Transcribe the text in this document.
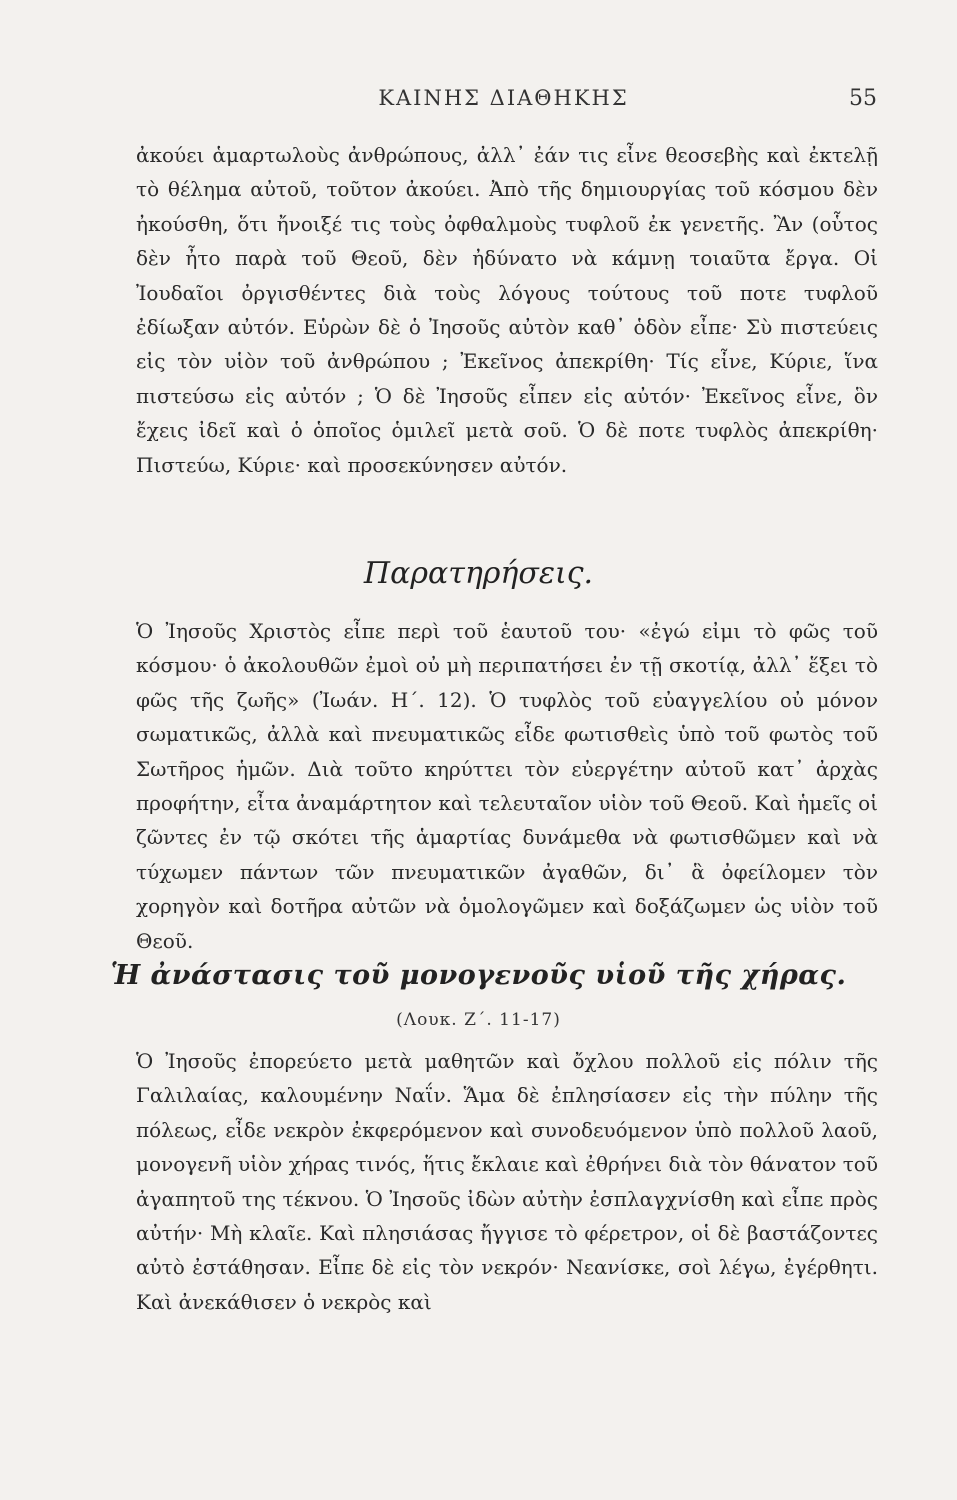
ΚΑΙΝΗΣ ΔΙΑΘΗΚΗΣ	55

ἀκούει ἁμαρτωλοὺς ἀνθρώπους, ἀλλ᾽ ἐάν τις εἶνε θεοσεβὴς καὶ ἐκτελῇ τὸ θέλημα αὐτοῦ, τοῦτον ἀκούει. Ἀπὸ τῆς δημιουργίας τοῦ κόσμου δὲν ἠκούσθη, ὅτι ἤνοιξέ τις τοὺς ὀφθαλμοὺς τυφλοῦ ἐκ γενετῆς. Ἂν (οὗτος δὲν ἦτο παρὰ τοῦ Θεοῦ, δὲν ἠδύνατο νὰ κάμνῃ τοιαῦτα ἔργα. Οἱ Ἰουδαῖοι ὀργισθέντες διὰ τοὺς λόγους τούτους τοῦ ποτε τυφλοῦ ἐδίωξαν αὐτόν. Εὑρὼν δὲ ὁ Ἰησοῦς αὐτὸν καθ᾽ ὁδὸν εἶπε· Σὺ πιστεύεις εἰς τὸν υἱὸν τοῦ ἀνθρώπου ; Ἐκεῖνος ἀπεκρίθη· Τίς εἶνε, Κύριε, ἵνα πιστεύσω εἰς αὐτόν ; Ὁ δὲ Ἰησοῦς εἶπεν εἰς αὐτόν· Ἐκεῖνος εἶνε, ὃν ἔχεις ἰδεῖ καὶ ὁ ὁποῖος ὁμιλεῖ μετὰ σοῦ. Ὁ δὲ ποτε τυφλὸς ἀπεκρίθη· Πιστεύω, Κύριε· καὶ προσεκύνησεν αὐτόν.

Παρατηρήσεις.

Ὁ Ἰησοῦς Χριστὸς εἶπε περὶ τοῦ ἑαυτοῦ του· «ἐγώ εἰμι τὸ φῶς τοῦ κόσμου· ὁ ἀκολουθῶν ἐμοὶ οὐ μὴ περιπατήσει ἐν τῇ σκοτίᾳ, ἀλλ᾽ ἕξει τὸ φῶς τῆς ζωῆς» (Ἰωάν. Η΄. 12). Ὁ τυφλὸς τοῦ εὐαγγελίου οὐ μόνον σωματικῶς, ἀλλὰ καὶ πνευματικῶς εἶδε φωτισθεὶς ὑπὸ τοῦ φωτὸς τοῦ Σωτῆρος ἡμῶν. Διὰ τοῦτο κηρύττει τὸν εὐεργέτην αὐτοῦ κατ᾽ ἀρχὰς προφήτην, εἶτα ἀναμάρτητον καὶ τελευταῖον υἱὸν τοῦ Θεοῦ. Καὶ ἡμεῖς οἱ ζῶντες ἐν τῷ σκότει τῆς ἁμαρτίας δυνάμεθα νὰ φωτισθῶμεν καὶ νὰ τύχωμεν πάντων τῶν πνευματικῶν ἀγαθῶν, δι᾽ ἃ ὀφείλομεν τὸν χορηγὸν καὶ δοτῆρα αὐτῶν νὰ ὁμολογῶμεν καὶ δοξάζωμεν ὡς υἱὸν τοῦ Θεοῦ.

Ἡ ἀνάστασις τοῦ μονογενοῦς υἱοῦ τῆς χήρας.
(Λουκ. Ζ΄. 11-17)

Ὁ Ἰησοῦς ἐπορεύετο μετὰ μαθητῶν καὶ ὄχλου πολλοῦ εἰς πόλιν τῆς Γαλιλαίας, καλουμένην Ναΐν. Ἅμα δὲ ἐπλησίασεν εἰς τὴν πύλην τῆς πόλεως, εἶδε νεκρὸν ἐκφερόμενον καὶ συνοδευόμενον ὑπὸ πολλοῦ λαοῦ, μονογενῆ υἱὸν χήρας τινός, ἥτις ἔκλαιε καὶ ἐθρήνει διὰ τὸν θάνατον τοῦ ἀγαπητοῦ της τέκνου. Ὁ Ἰησοῦς ἰδὼν αὐτὴν ἐσπλαγχνίσθη καὶ εἶπε πρὸς αὐτήν· Μὴ κλαῖε. Καὶ πλησιάσας ἤγγισε τὸ φέρετρον, οἱ δὲ βαστάζοντες αὐτὸ ἐστάθησαν. Εἶπε δὲ εἰς τὸν νεκρόν· Νεανίσκε, σοὶ λέγω, ἐγέρθητι. Καὶ ἀνεκάθισεν ὁ νεκρὸς καὶ
